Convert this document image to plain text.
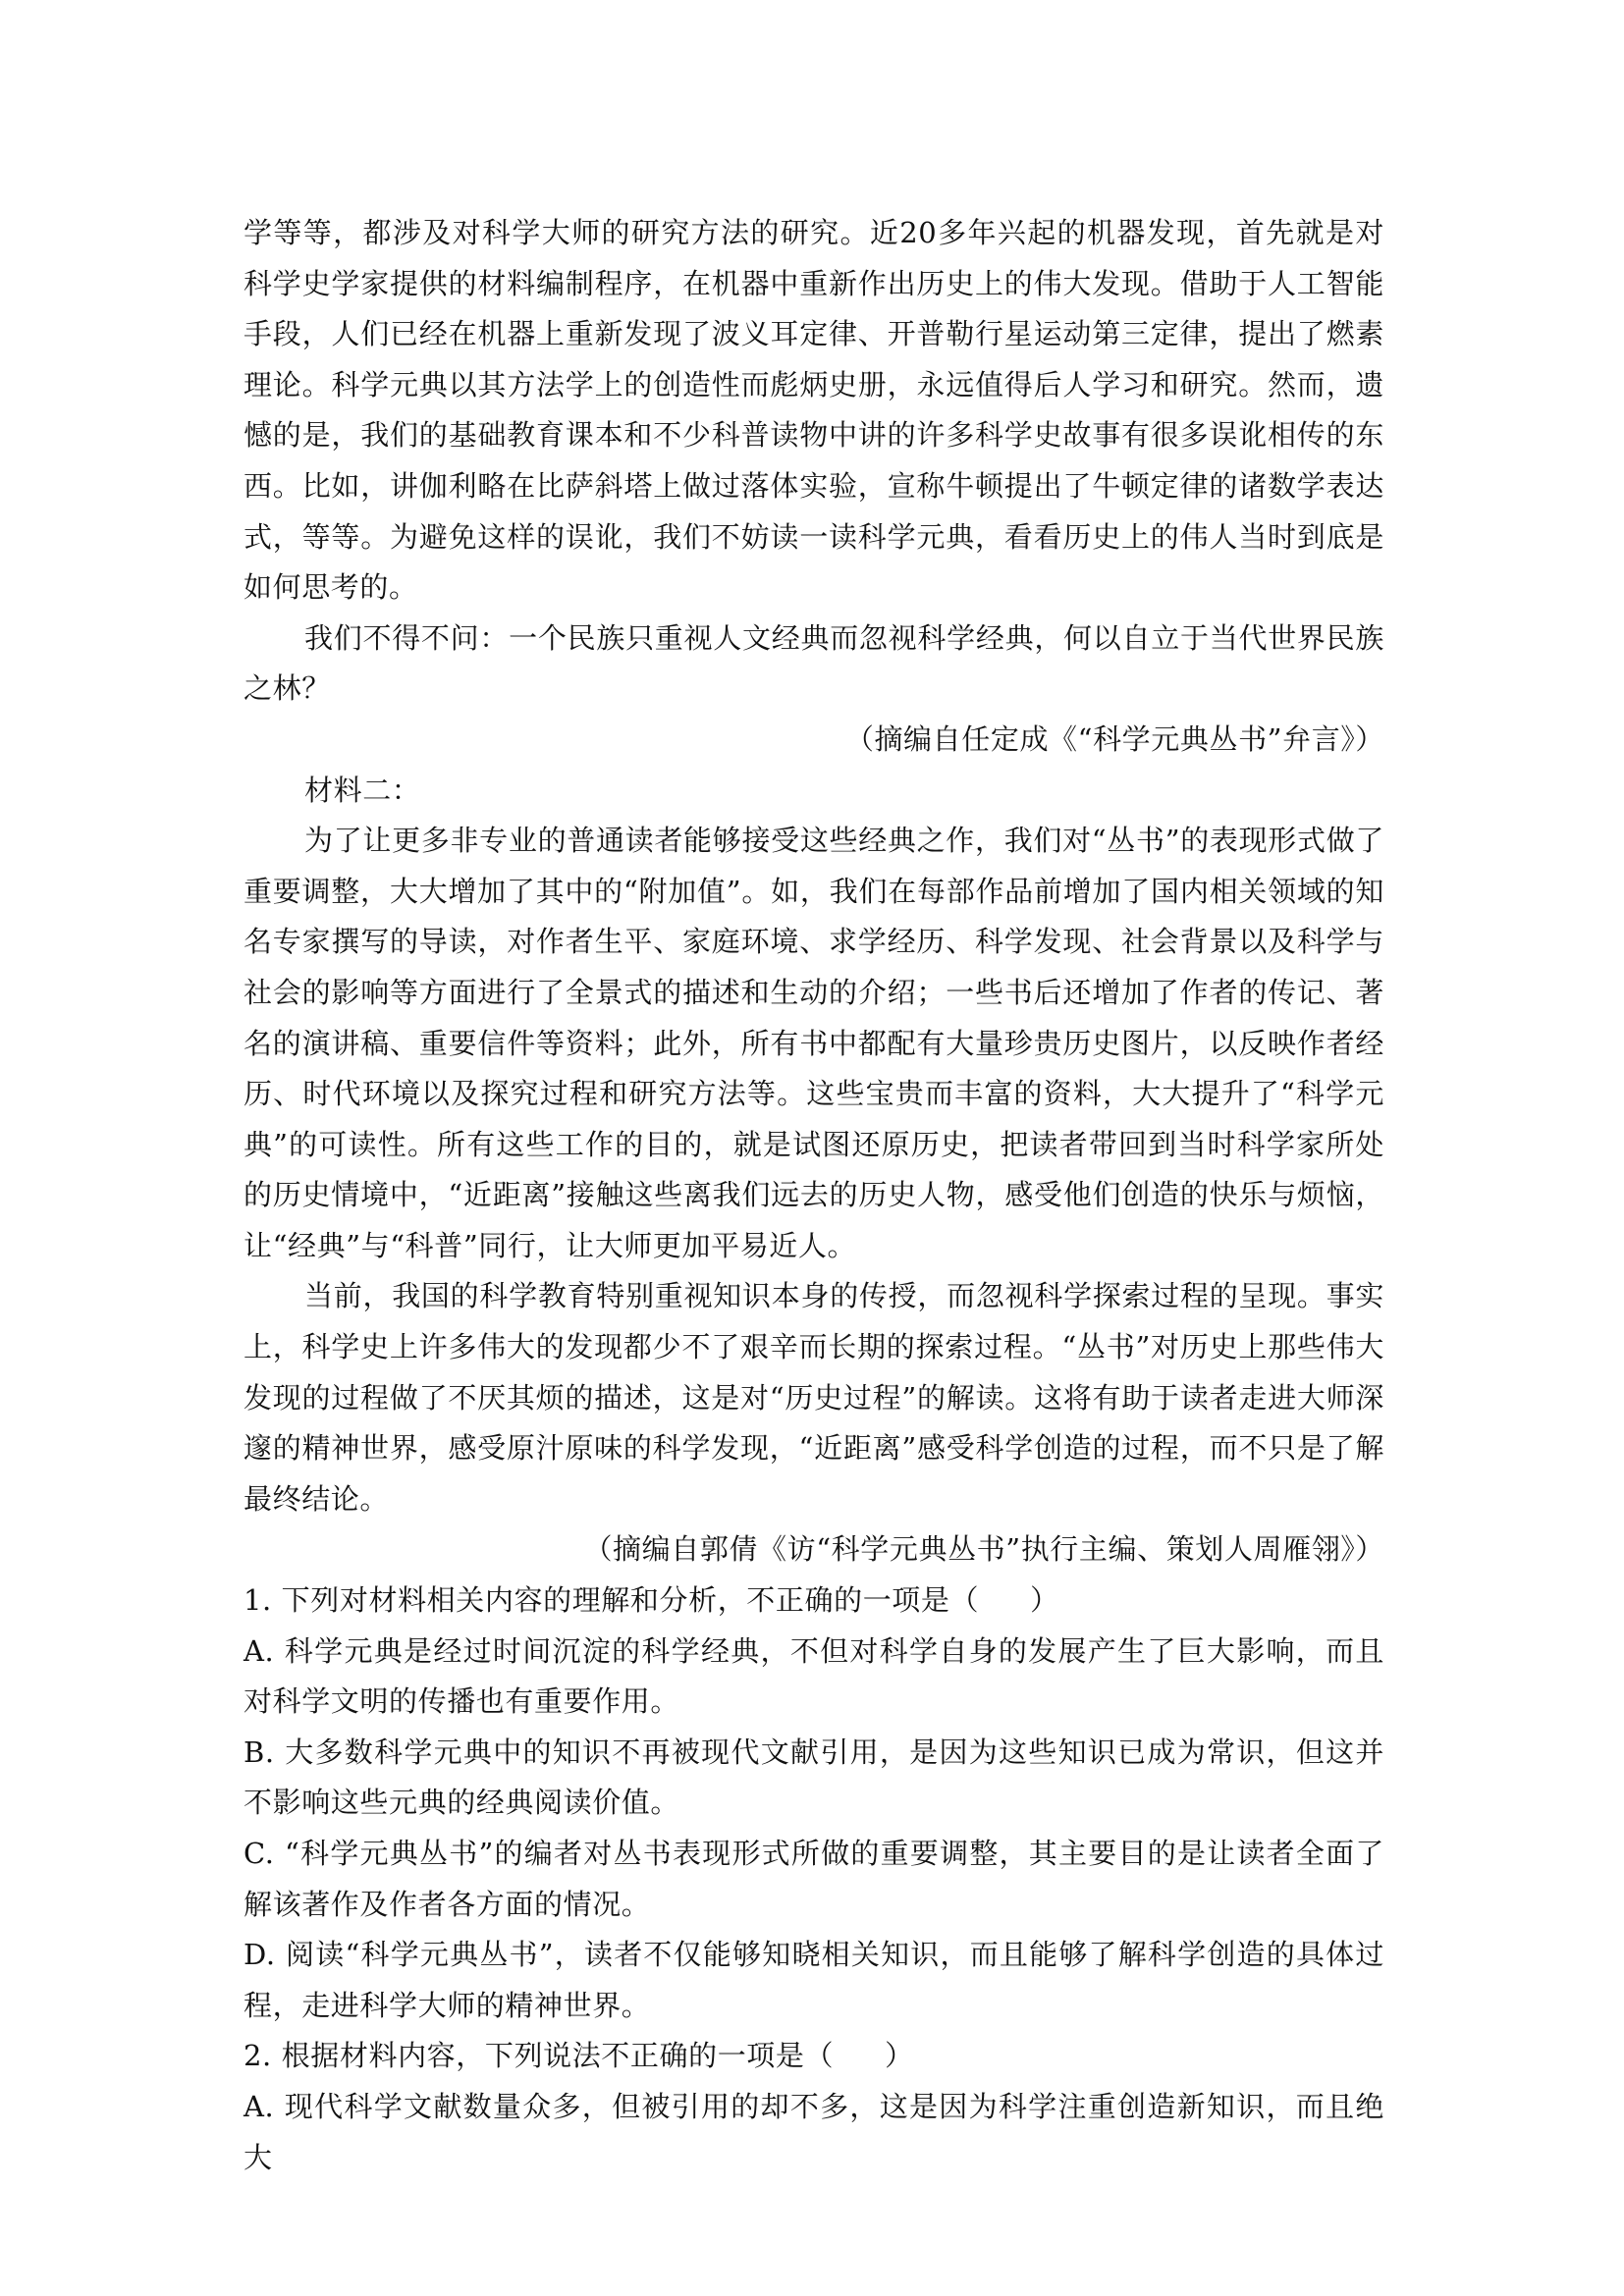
学等等，都涉及对科学大师的研究方法的研究。近20多年兴起的机器发现，首先就是对科学史学家提供的材料编制程序，在机器中重新作出历史上的伟大发现。借助于人工智能手段，人们已经在机器上重新发现了波义耳定律、开普勒行星运动第三定律，提出了燃素理论。科学元典以其方法学上的创造性而彪炳史册，永远值得后人学习和研究。然而，遗憾的是，我们的基础教育课本和不少科普读物中讲的许多科学史故事有很多误讹相传的东西。比如，讲伽利略在比萨斜塔上做过落体实验，宣称牛顿提出了牛顿定律的诸数学表达式，等等。为避免这样的误讹，我们不妨读一读科学元典，看看历史上的伟人当时到底是如何思考的。

我们不得不问：一个民族只重视人文经典而忽视科学经典，何以自立于当代世界民族之林？

（摘编自任定成《“科学元典丛书”弁言》）

材料二：

为了让更多非专业的普通读者能够接受这些经典之作，我们对“丛书”的表现形式做了重要调整，大大增加了其中的“附加值”。如，我们在每部作品前增加了国内相关领域的知名专家撰写的导读，对作者生平、家庭环境、求学经历、科学发现、社会背景以及科学与社会的影响等方面进行了全景式的描述和生动的介绍；一些书后还增加了作者的传记、著名的演讲稿、重要信件等资料；此外，所有书中都配有大量珍贵历史图片，以反映作者经历、时代环境以及探究过程和研究方法等。这些宝贵而丰富的资料，大大提升了“科学元典”的可读性。所有这些工作的目的，就是试图还原历史，把读者带回到当时科学家所处的历史情境中，“近距离”接触这些离我们远去的历史人物，感受他们创造的快乐与烦恼，让“经典”与“科普”同行，让大师更加平易近人。

当前，我国的科学教育特别重视知识本身的传授，而忽视科学探索过程的呈现。事实上，科学史上许多伟大的发现都少不了艰辛而长期的探索过程。“丛书”对历史上那些伟大发现的过程做了不厌其烦的描述，这是对“历史过程”的解读。这将有助于读者走进大师深邃的精神世界，感受原汁原味的科学发现，“近距离”感受科学创造的过程，而不只是了解最终结论。

（摘编自郭倩《访“科学元典丛书”执行主编、策划人周雁翎》）

1. 下列对材料相关内容的理解和分析，不正确的一项是（ ）

A. 科学元典是经过时间沉淀的科学经典，不但对科学自身的发展产生了巨大影响，而且对科学文明的传播也有重要作用。

B. 大多数科学元典中的知识不再被现代文献引用，是因为这些知识已成为常识，但这并不影响这些元典的经典阅读价值。

C. “科学元典丛书”的编者对丛书表现形式所做的重要调整，其主要目的是让读者全面了解该著作及作者各方面的情况。

D. 阅读“科学元典丛书”，读者不仅能够知晓相关知识，而且能够了解科学创造的具体过程，走进科学大师的精神世界。

2. 根据材料内容，下列说法不正确的一项是（ ）

A. 现代科学文献数量众多，但被引用的却不多，这是因为科学注重创造新知识，而且绝大
